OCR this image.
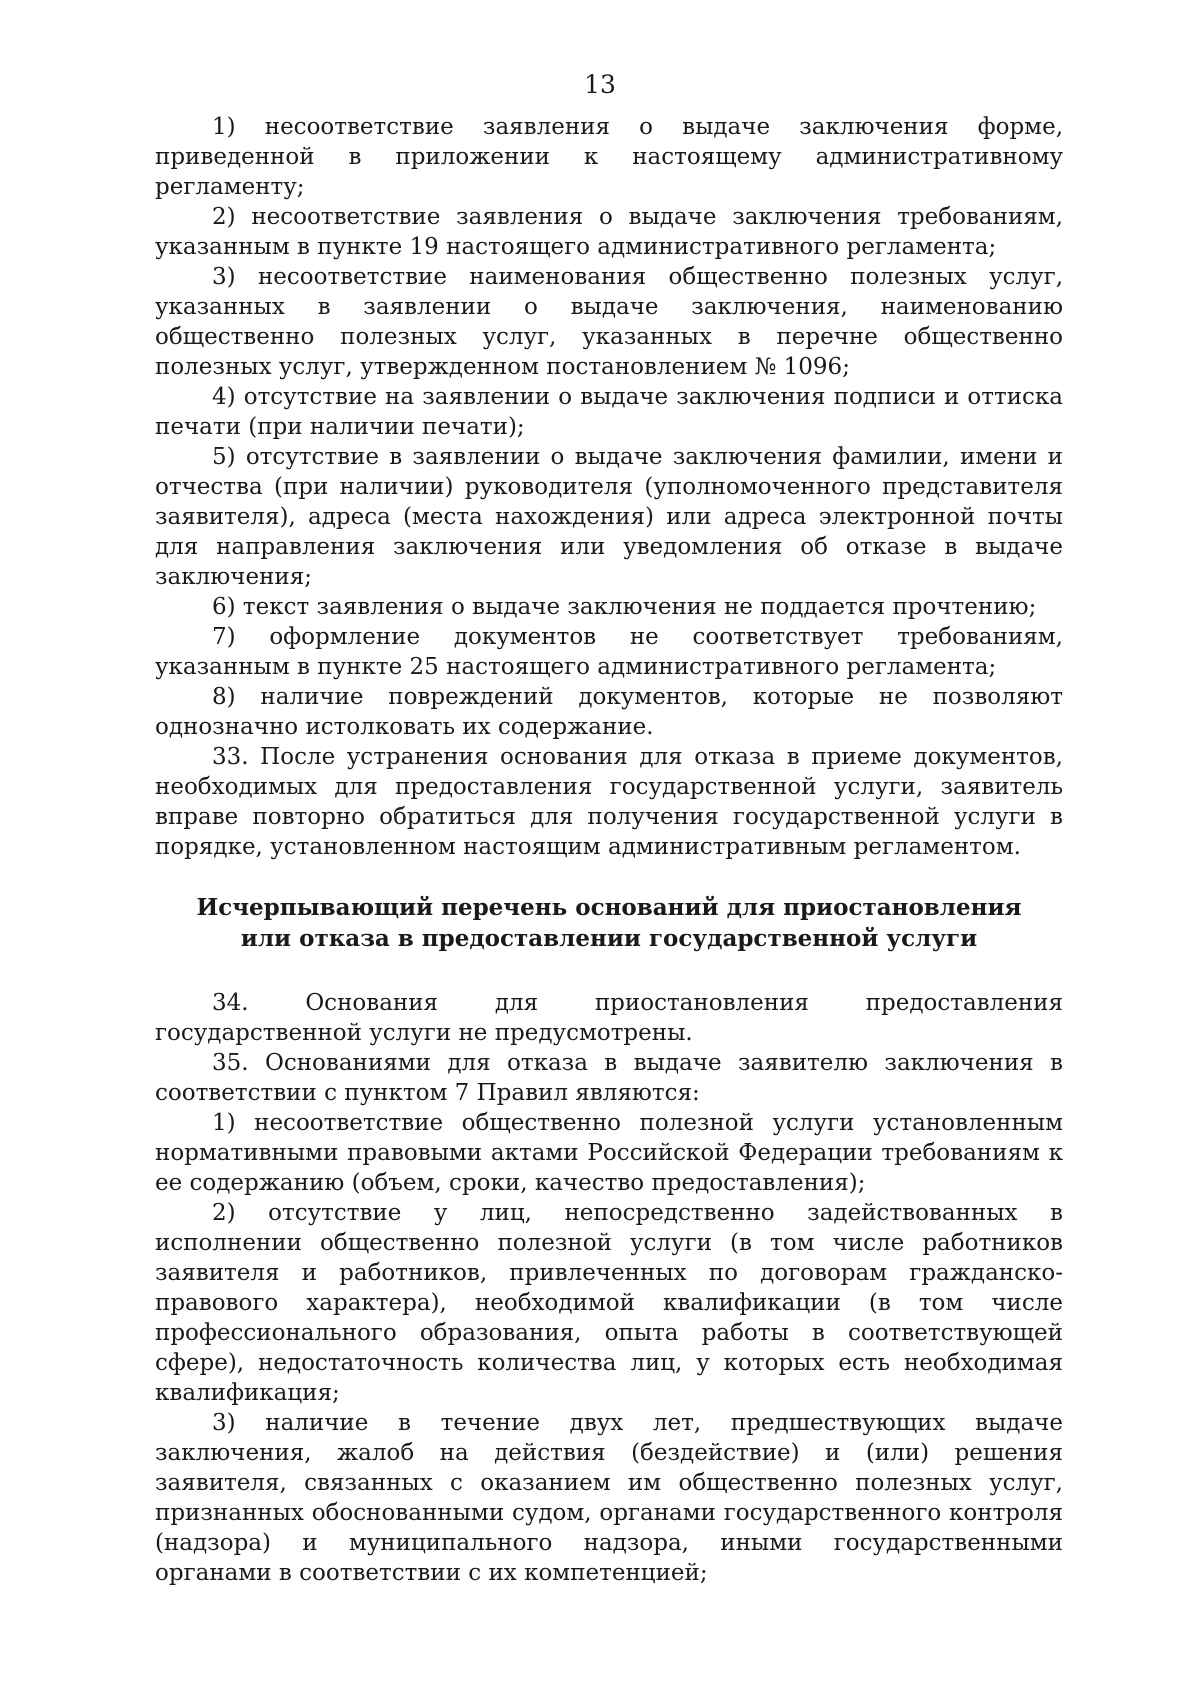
13

1) несоответствие заявления о выдаче заключения форме, приведенной в приложении к настоящему административному регламенту;

2) несоответствие заявления о выдаче заключения требованиям, указанным в пункте 19 настоящего административного регламента;

3) несоответствие наименования общественно полезных услуг, указанных в заявлении о выдаче заключения, наименованию общественно полезных услуг, указанных в перечне общественно полезных услуг, утвержденном постановлением № 1096;

4) отсутствие на заявлении о выдаче заключения подписи и оттиска печати (при наличии печати);

5) отсутствие в заявлении о выдаче заключения фамилии, имени и отчества (при наличии) руководителя (уполномоченного представителя заявителя), адреса (места нахождения) или адреса электронной почты для направления заключения или уведомления об отказе в выдаче заключения;

6) текст заявления о выдаче заключения не поддается прочтению;

7) оформление документов не соответствует требованиям, указанным в пункте 25 настоящего административного регламента;

8) наличие повреждений документов, которые не позволяют однозначно истолковать их содержание.

33. После устранения основания для отказа в приеме документов, необходимых для предоставления государственной услуги, заявитель вправе повторно обратиться для получения государственной услуги в порядке, установленном настоящим административным регламентом.

Исчерпывающий перечень оснований для приостановления
или отказа в предоставлении государственной услуги

34. Основания для приостановления предоставления государственной услуги не предусмотрены.

35. Основаниями для отказа в выдаче заявителю заключения в соответствии с пунктом 7 Правил являются:

1) несоответствие общественно полезной услуги установленным нормативными правовыми актами Российской Федерации требованиям к ее содержанию (объем, сроки, качество предоставления);

2) отсутствие у лиц, непосредственно задействованных в исполнении общественно полезной услуги (в том числе работников заявителя и работников, привлеченных по договорам гражданско-правового характера), необходимой квалификации (в том числе профессионального образования, опыта работы в соответствующей сфере), недостаточность количества лиц, у которых есть необходимая квалификация;

3) наличие в течение двух лет, предшествующих выдаче заключения, жалоб на действия (бездействие) и (или) решения заявителя, связанных с оказанием им общественно полезных услуг, признанных обоснованными судом, органами государственного контроля (надзора) и муниципального надзора, иными государственными органами в соответствии с их компетенцией;
